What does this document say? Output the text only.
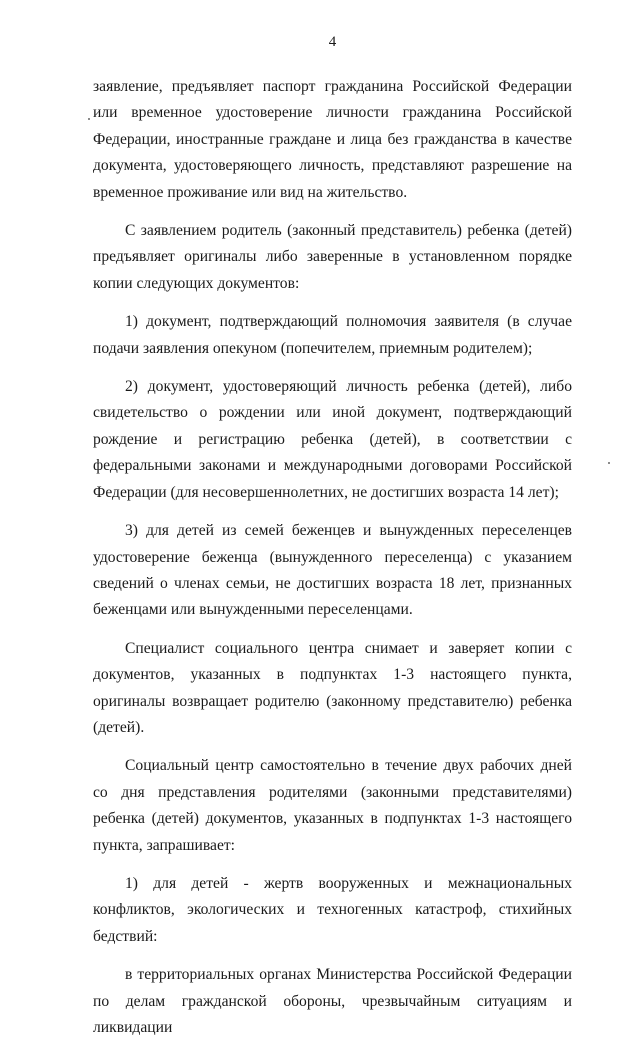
4

заявление, предъявляет паспорт гражданина Российской Федерации или временное удостоверение личности гражданина Российской Федерации, иностранные граждане и лица без гражданства в качестве документа, удостоверяющего личность, представляют разрешение на временное проживание или вид на жительство.

С заявлением родитель (законный представитель) ребенка (детей) предъявляет оригиналы либо заверенные в установленном порядке копии следующих документов:

1) документ, подтверждающий полномочия заявителя (в случае подачи заявления опекуном (попечителем, приемным родителем);

2) документ, удостоверяющий личность ребенка (детей), либо свидетельство о рождении или иной документ, подтверждающий рождение и регистрацию ребенка (детей), в соответствии с федеральными законами и международными договорами Российской Федерации (для несовершеннолетних, не достигших возраста 14 лет);

3) для детей из семей беженцев и вынужденных переселенцев удостоверение беженца (вынужденного переселенца) с указанием сведений о членах семьи, не достигших возраста 18 лет, признанных беженцами или вынужденными переселенцами.

Специалист социального центра снимает и заверяет копии с документов, указанных в подпунктах 1-3 настоящего пункта, оригиналы возвращает родителю (законному представителю) ребенка (детей).

Социальный центр самостоятельно в течение двух рабочих дней со дня представления родителями (законными представителями) ребенка (детей) документов, указанных в подпунктах 1-3 настоящего пункта, запрашивает:

1) для детей - жертв вооруженных и межнациональных конфликтов, экологических и техногенных катастроф, стихийных бедствий:

в территориальных органах Министерства Российской Федерации по делам гражданской обороны, чрезвычайным ситуациям и ликвидации
